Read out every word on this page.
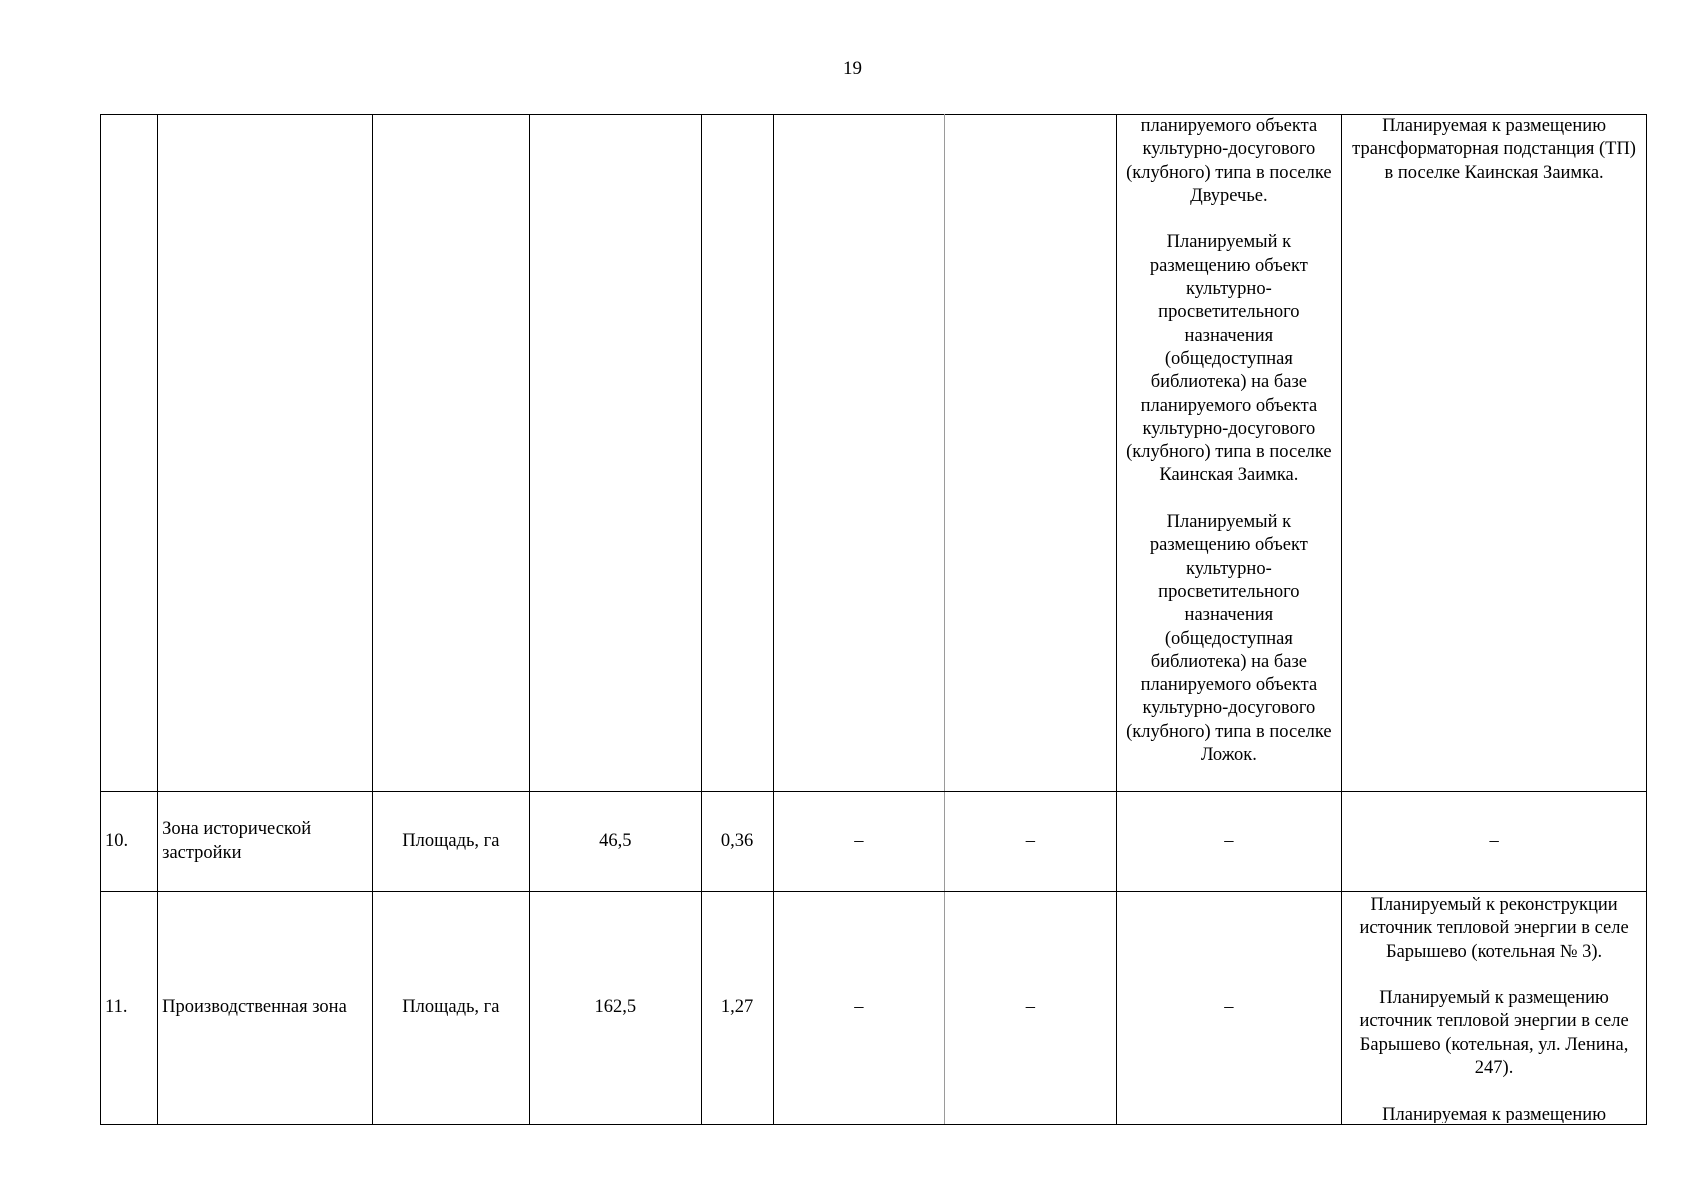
19

							планируемого объекта культурно-досугового (клубного) типа в поселке Двуречье.
Планируемый к размещению объект культурно-просветительного назначения (общедоступная библиотека) на базе планируемого объекта культурно-досугового (клубного) типа в поселке Каинская Заимка.
Планируемый к размещению объект культурно-просветительного назначения (общедоступная библиотека) на базе планируемого объекта культурно-досугового (клубного) типа в поселке Ложок.	Планируемая к размещению трансформаторная подстанция (ТП) в поселке Каинская Заимка.

10.	Зона исторической застройки	Площадь, га	46,5	0,36	–	–	–	–

11.	Производственная зона	Площадь, га	162,5	1,27	–	–	–	Планируемый к реконструкции источник тепловой энергии в селе Барышево (котельная № 3).
Планируемый к размещению источник тепловой энергии в селе Барышево (котельная, ул. Ленина, 247).
Планируемая к размещению
